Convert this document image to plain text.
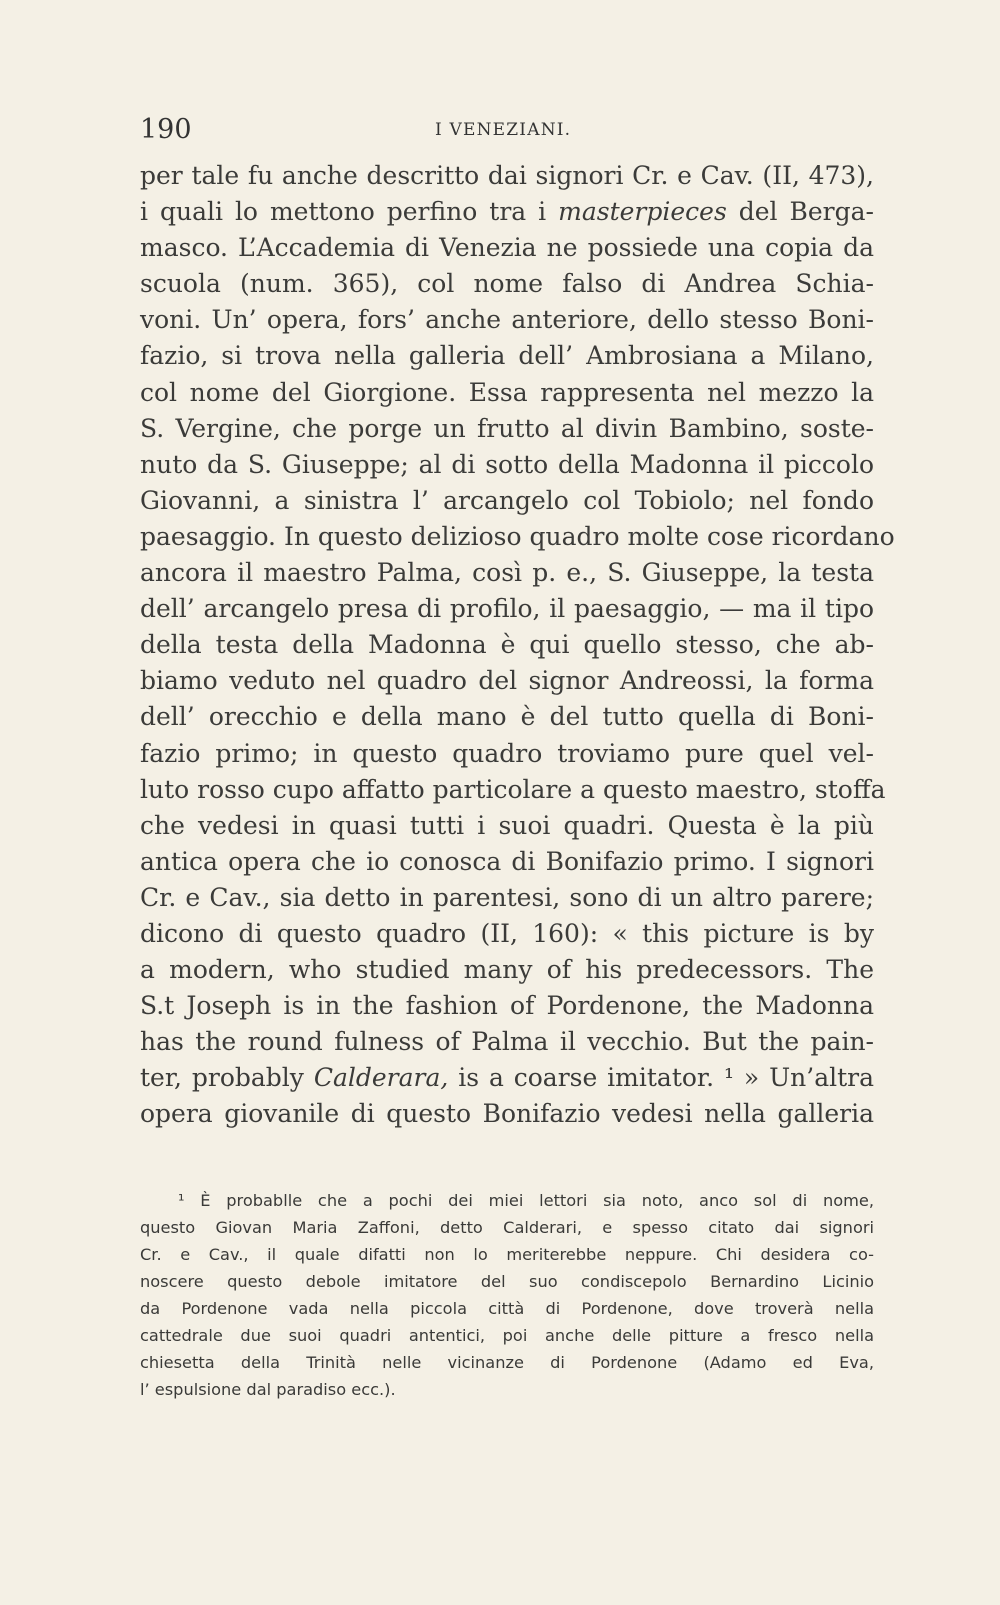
190	I VENEZIANI.
per tale fu anche descritto dai signori Cr. e Cav. (II, 473),
i quali lo mettono perfino tra i masterpieces del Berga-
masco. L’Accademia di Venezia ne possiede una copia da
scuola (num. 365), col nome falso di Andrea Schia-
voni. Un’ opera, fors’ anche anteriore, dello stesso Boni-
fazio, si trova nella galleria dell’ Ambrosiana a Milano,
col nome del Giorgione. Essa rappresenta nel mezzo la
S. Vergine, che porge un frutto al divin Bambino, soste-
nuto da S. Giuseppe; al di sotto della Madonna il piccolo
Giovanni, a sinistra l’ arcangelo col Tobiolo; nel fondo
paesaggio. In questo delizioso quadro molte cose ricordano
ancora il maestro Palma, così p. e., S. Giuseppe, la testa
dell’ arcangelo presa di profilo, il paesaggio, — ma il tipo
della testa della Madonna è qui quello stesso, che ab-
biamo veduto nel quadro del signor Andreossi, la forma
dell’ orecchio e della mano è del tutto quella di Boni-
fazio primo; in questo quadro troviamo pure quel vel-
luto rosso cupo affatto particolare a questo maestro, stoffa
che vedesi in quasi tutti i suoi quadri. Questa è la più
antica opera che io conosca di Bonifazio primo. I signori
Cr. e Cav., sia detto in parentesi, sono di un altro parere;
dicono di questo quadro (II, 160): « this picture is by
a modern, who studied many of his predecessors. The
S.t Joseph is in the fashion of Pordenone, the Madonna
has the round fulness of Palma il vecchio. But the pain-
ter, probably Calderara, is a coarse imitator. ¹ » Un’altra
opera giovanile di questo Bonifazio vedesi nella galleria
¹ È probablle che a pochi dei miei lettori sia noto, anco sol di nome,
questo Giovan Maria Zaffoni, detto Calderari, e spesso citato dai signori
Cr. e Cav., il quale difatti non lo meriterebbe neppure. Chi desidera co-
noscere questo debole imitatore del suo condiscepolo Bernardino Licinio
da Pordenone vada nella piccola città di Pordenone, dove troverà nella
cattedrale due suoi quadri antentici, poi anche delle pitture a fresco nella
chiesetta della Trinità nelle vicinanze di Pordenone (Adamo ed Eva,
l’ espulsione dal paradiso ecc.).
